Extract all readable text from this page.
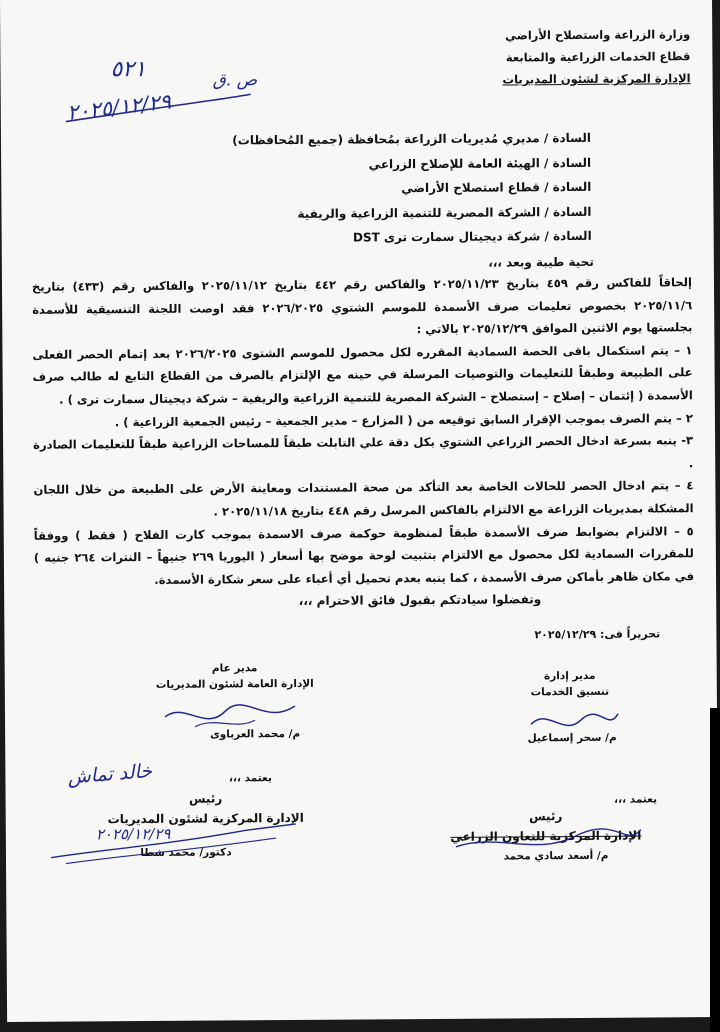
وزارة الزراعة واستصلاح الأراضي
قطاع الخدمات الزراعية والمتابعة
الإدارة المركزية لشئون المديريات
٥٢١	ص .ق
٢٠٢٥/١٢/٢٩
السادة / مديري مُديريات الزراعة بمُحافظة (جميع المُحافظات)
السادة / الهيئة العامة للإصلاح الزراعي
السادة / قطاع استصلاح الأراضي
السادة / الشركة المصرية للتنمية الزراعية والريفية
السادة / شركة ديجيتال سمارت ترى DST
تحية طيبة وبعد ،،،

إلحاقاً للفاكس رقم ٤٥٩ بتاريخ ٢٠٢٥/١١/٢٣ والفاكس رقم ٤٤٢ بتاريخ ٢٠٢٥/١١/١٢ والفاكس رقم (٤٣٣) بتاريخ ٢٠٢٥/١١/٦ بخصوص تعليمات صرف الأسمدة للموسم الشتوي ٢٠٢٦/٢٠٢٥ فقد اوصت اللجنة التنسيقية للأسمدة بجلستها يوم الاثنين الموافق ٢٠٢٥/١٢/٢٩ بالاتي :

١ – يتم استكمال باقى الحصة السمادية المقرره لكل محصول للموسم الشتوى ٢٠٢٦/٢٠٢٥ بعد إتمام الحصر الفعلى على الطبيعة وطبقاً للتعليمات والتوصيات المرسلة في حينه مع الإلتزام بالصرف من القطاع التابع له طالب صرف الأسمدة ( إئتمان – إصلاح – إستصلاح – الشركة المصرية للتنمية الزراعية والريفية – شركة ديجيتال سمارت ترى ) .

٢ – يتم الصرف بموجب الإقرار السابق توقيعه من ( المزارع – مدير الجمعية – رئيس الجمعية الزراعية ) .

٣- ينبه بسرعة ادخال الحصر الزراعي الشتوي بكل دقة علي التابلت طبقاً للمساحات الزراعية طبقاً للتعليمات الصادرة .

٤ – يتم ادخال الحصر للحالات الخاصة بعد التأكد من صحة المستندات ومعاينة الأرض على الطبيعة من خلال اللجان المشكلة بمديريات الزراعة مع الالتزام بالفاكس المرسل رقم ٤٤٨ بتاريخ ٢٠٢٥/١١/١٨ .

٥ – الالتزام بضوابط صرف الأسمدة طبقاً لمنظومة حوكمة صرف الاسمدة بموجب كارت الفلاح ( فقط ) ووفقاً للمقررات السمادية لكل محصول مع الالتزام بتثبيت لوحة موضح بها أسعار ( اليوريا ٢٦٩ جنيهاً – النترات ٢٦٤ جنيه ) في مكان ظاهر بأماكن صرف الأسمدة ، كما ينبه بعدم تحميل أي أعباء على سعر شكارة الأسمدة.

وتفضلوا سيادتكم بقبول فائق الاحترام ،،،
تحريراً فى: ٢٠٢٥/١٢/٢٩
مدير عام
الإدارة العامة لشئون المديريات
م/ محمد العرباوى
مدير إدارة
تنسيق الخدمات
م/ سحر إسماعيل
خالد تماش	يعتمد ،،،
رئيس
الإدارة المركزية لشئون المديريات
٢٠٢٥/١٢/٢٩
دكتور/ محمد شطا
يعتمد ،،،
رئيس
الإدارة المركزية للتعاون الزراعي
م/ أسعد سادي محمد
